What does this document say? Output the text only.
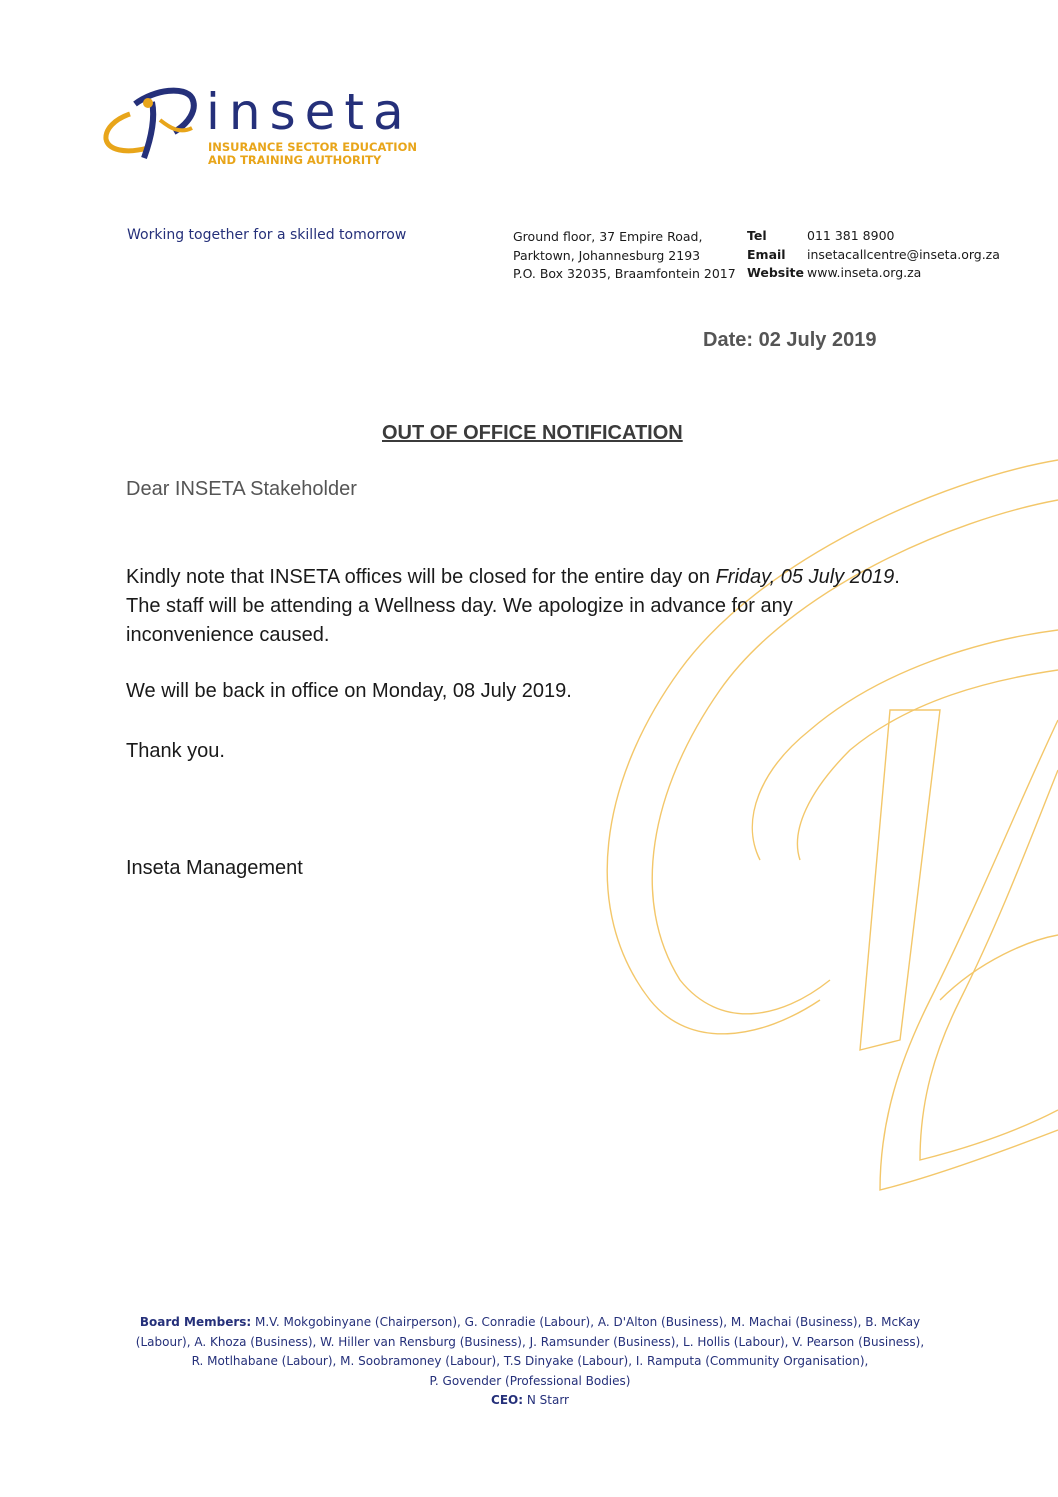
inseta
INSURANCE SECTOR EDUCATION
AND TRAINING AUTHORITY
Working together for a skilled tomorrow	Ground floor, 37 Empire Road,
Parktown, Johannesburg 2193
P.O. Box 32035, Braamfontein 2017
Tel	011 381 8900
Email	insetacallcentre@inseta.org.za
Website www.inseta.org.za
Date: 02 July 2019
OUT OF OFFICE NOTIFICATION
Dear INSETA Stakeholder
Kindly note that INSETA offices will be closed for the entire day on Friday, 05 July 2019. The staff will be attending a Wellness day. We apologize in advance for any inconvenience caused.
We will be back in office on Monday, 08 July 2019.
Thank you.
Inseta Management
Board Members: M.V. Mokgobinyane (Chairperson), G. Conradie (Labour), A. D'Alton (Business), M. Machai (Business), B. McKay
(Labour), A. Khoza (Business), W. Hiller van Rensburg (Business), J. Ramsunder (Business), L. Hollis (Labour), V. Pearson (Business),
R. Motlhabane (Labour), M. Soobramoney (Labour), T.S Dinyake (Labour), I. Ramputa (Community Organisation),
P. Govender (Professional Bodies)
CEO: N Starr
